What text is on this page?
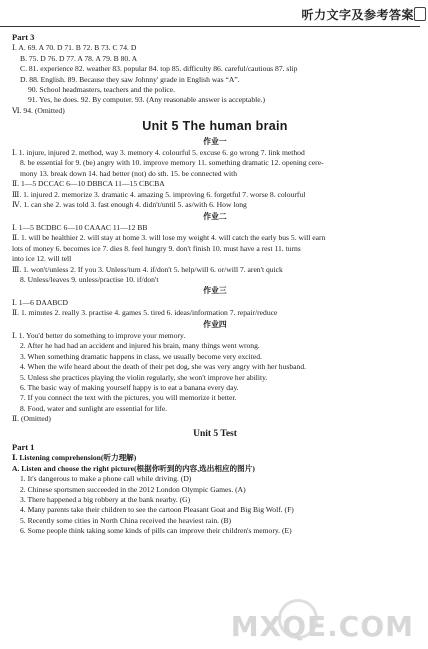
听力文字及参考答案
Part 3
Ⅰ. A. 69. A 70. D 71. B 72. B 73. C 74. D
B. 75. D 76. D 77. A 78. A 79. B 80. A
C. 81. experience 82. weather 83. popular 84. top 85. difficulty 86. careful/cautious 87. slip
D. 88. English. 89. Because they saw Johnny' grade in English was “A”.
90. School headmasters, teachers and the police.
91. Yes, he does. 92. By computer. 93. (Any reasonable answer is acceptable.)
Ⅵ. 94. (Omitted)
Unit 5 The human brain
作业一
Ⅰ. 1. injure, injured 2. method, way 3. memory 4. colourful 5. excuse 6. go wrong 7. link method
8. be essential for 9. (be) angry with 10. improve memory 11. something dramatic 12. opening cere-
mony 13. break down 14. had better (not) do sth. 15. be connected with
Ⅱ. 1—5 DCCAC 6—10 DBBCA 11—15 CBCBA
Ⅲ. 1. injured 2. memorize 3. dramatic 4. amazing 5. improving 6. forgetful 7. worse 8. colourful
Ⅳ. 1. can she 2. was told 3. fast enough 4. didn't/until 5. as/with 6. How long
作业二
Ⅰ. 1—5 BCDBC 6—10 CAAAC 11—12 BB
Ⅱ. 1. will be healthier 2. will stay at home 3. will lose my weight 4. will catch the early bus 5. will earn
lots of money 6. becomes ice 7. dies 8. feel hungry 9. don't finish 10. must have a rest 11. turns
into ice 12. will tell
Ⅲ. 1. won't/unless 2. If you 3. Unless/turn 4. if/don't 5. help/will 6. or/will 7. aren't quick
8. Unless/leaves 9. unless/practise 10. if/don't
作业三
Ⅰ. 1—6 DAABCD
Ⅱ. 1. minutes 2. really 3. practise 4. games 5. tired 6. ideas/information 7. repair/reduce
作业四
Ⅰ. 1. You'd better do something to improve your memory.
2. After he had had an accident and injured his brain, many things went wrong.
3. When something dramatic happens in class, we usually become very excited.
4. When the wife heard about the death of their pet dog, she was very angry with her husband.
5. Unless she practices playing the violin regularly, she won't improve her ability.
6. The basic way of making yourself happy is to eat a banana every day.
7. If you connect the text with the pictures, you will memorize it better.
8. Food, water and sunlight are essential for life.
Ⅱ. (Omitted)
Unit 5 Test
Part 1
Ⅰ. Listening comprehension(听力理解)
A. Listen and choose the right picture(根据你听到的内容,选出相应的图片)
1. It's dangerous to make a phone call while driving. (D)
2. Chinese sportsmen succeeded in the 2012 London Olympic Games. (A)
3. There happened a big robbery at the bank nearby. (G)
4. Many parents take their children to see the cartoon Pleasant Goat and Big Big Wolf. (F)
5. Recently some cities in North China received the heaviest rain. (B)
6. Some people think taking some kinds of pills can improve their children's memory. (E)
MXQE.COM
